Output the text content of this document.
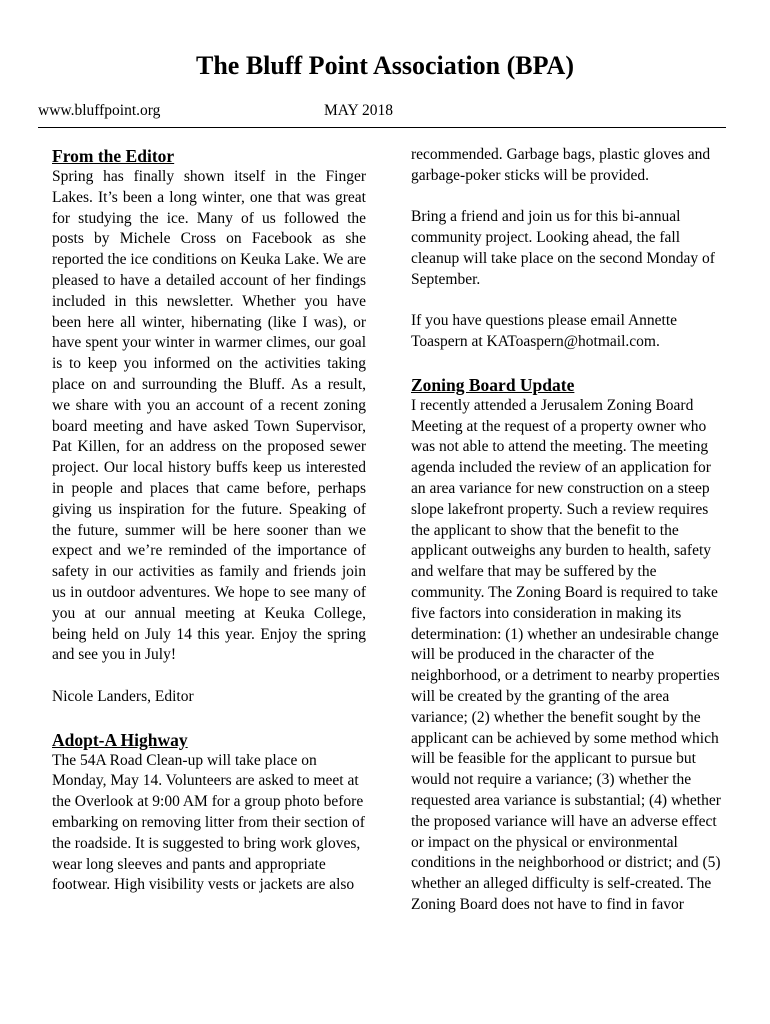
The Bluff Point Association (BPA)
www.bluffpoint.org	MAY 2018

From the Editor

Spring has finally shown itself in the Finger Lakes. It’s been a long winter, one that was great for studying the ice. Many of us followed the posts by Michele Cross on Facebook as she reported the ice conditions on Keuka Lake. We are pleased to have a detailed account of her findings included in this newsletter. Whether you have been here all winter, hibernating (like I was), or have spent your winter in warmer climes, our goal is to keep you informed on the activities taking place on and surrounding the Bluff. As a result, we share with you an account of a recent zoning board meeting and have asked Town Supervisor, Pat Killen, for an address on the proposed sewer project. Our local history buffs keep us interested in people and places that came before, perhaps giving us inspiration for the future. Speaking of the future, summer will be here sooner than we expect and we’re reminded of the importance of safety in our activities as family and friends join us in outdoor adventures. We hope to see many of you at our annual meeting at Keuka College, being held on July 14 this year. Enjoy the spring and see you in July!

Nicole Landers, Editor

Adopt-A Highway

The 54A Road Clean-up will take place on Monday, May 14. Volunteers are asked to meet at the Overlook at 9:00 AM for a group photo before embarking on removing litter from their section of the roadside. It is suggested to bring work gloves, wear long sleeves and pants and appropriate footwear. High visibility vests or jackets are also

recommended. Garbage bags, plastic gloves and garbage-poker sticks will be provided.

Bring a friend and join us for this bi-annual community project. Looking ahead, the fall cleanup will take place on the second Monday of September.

If you have questions please email Annette Toaspern at KAToaspern@hotmail.com.

Zoning Board Update

I recently attended a Jerusalem Zoning Board Meeting at the request of a property owner who was not able to attend the meeting. The meeting agenda included the review of an application for an area variance for new construction on a steep slope lakefront property. Such a review requires the applicant to show that the benefit to the applicant outweighs any burden to health, safety and welfare that may be suffered by the community. The Zoning Board is required to take five factors into consideration in making its determination: (1) whether an undesirable change will be produced in the character of the neighborhood, or a detriment to nearby properties will be created by the granting of the area variance; (2) whether the benefit sought by the applicant can be achieved by some method which will be feasible for the applicant to pursue but would not require a variance; (3) whether the requested area variance is substantial; (4) whether the proposed variance will have an adverse effect or impact on the physical or environmental conditions in the neighborhood or district; and (5) whether an alleged difficulty is self-created. The Zoning Board does not have to find in favor
